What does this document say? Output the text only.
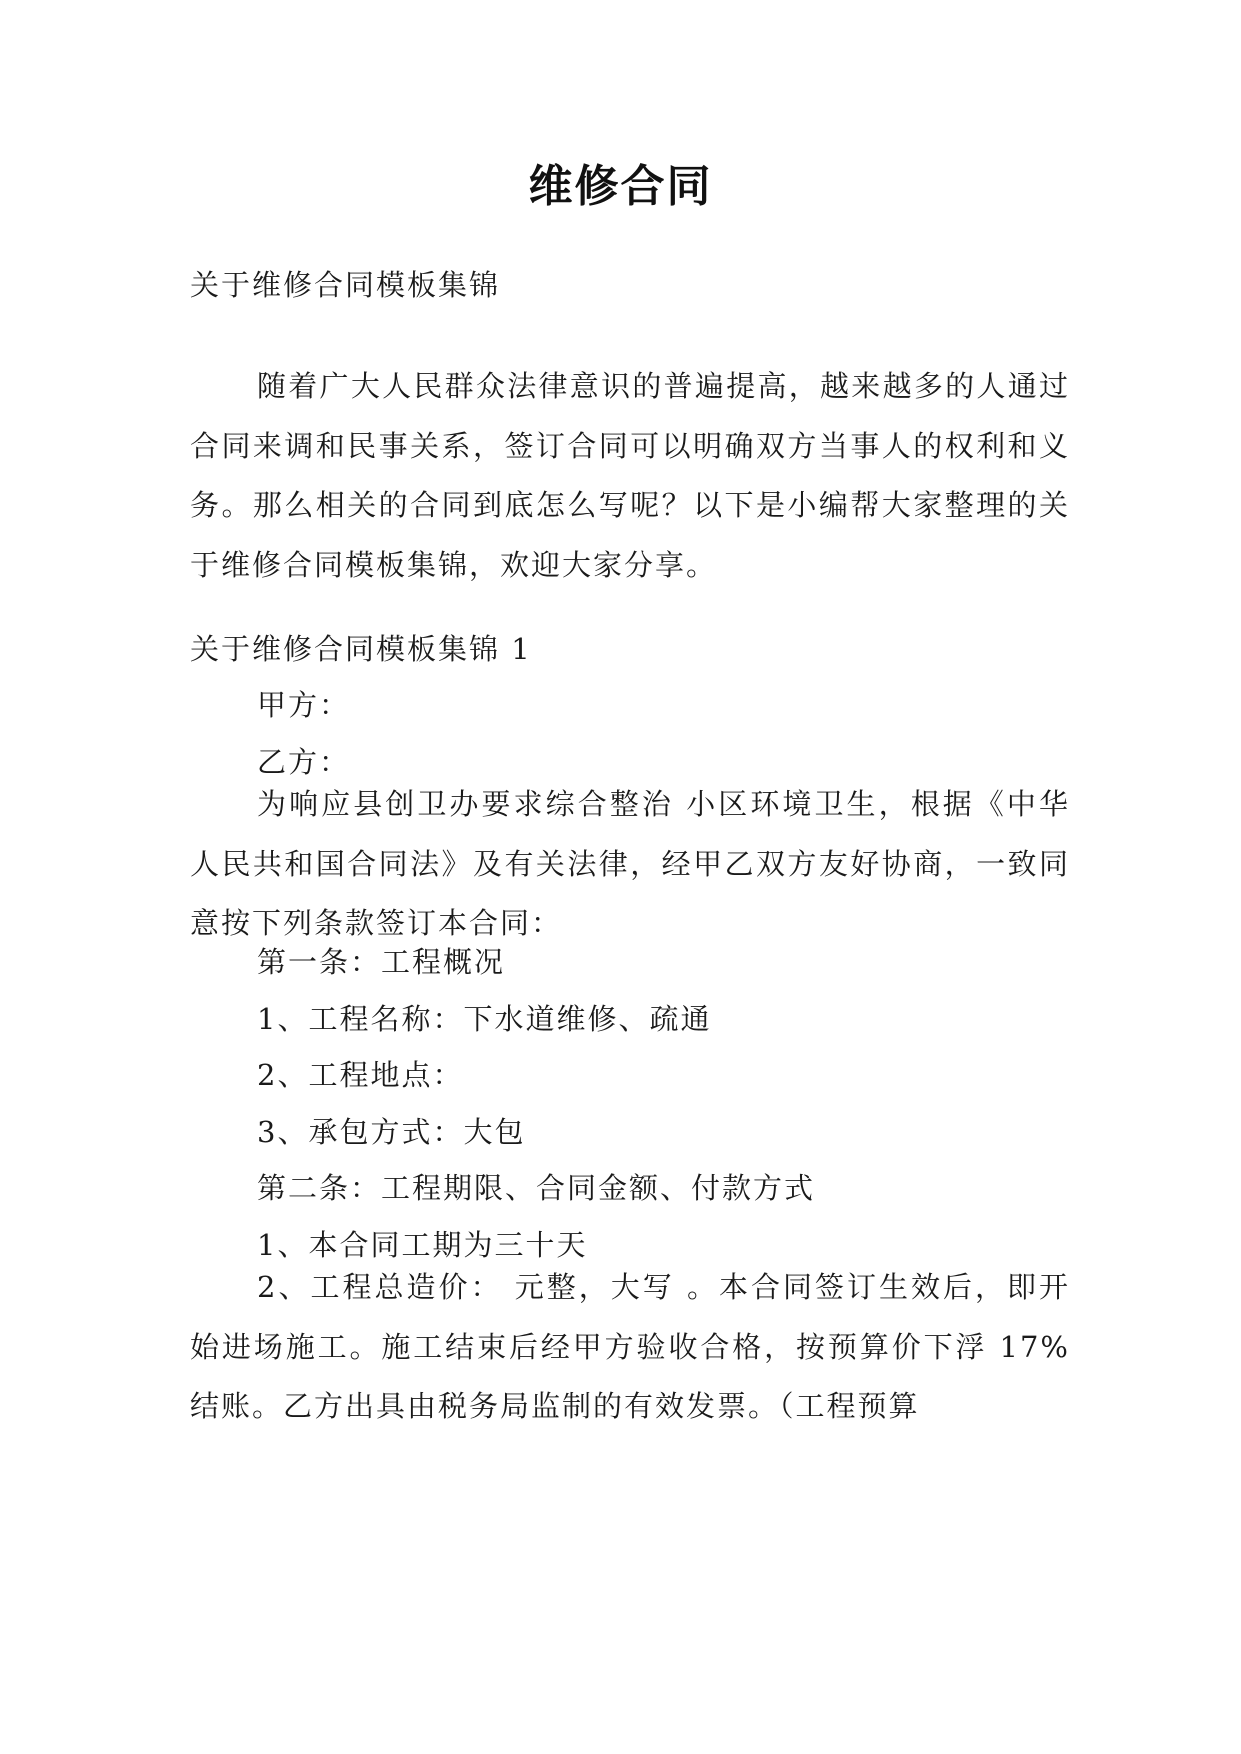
维修合同
关于维修合同模板集锦
随着广大人民群众法律意识的普遍提高，越来越多的人通过合同来调和民事关系，签订合同可以明确双方当事人的权利和义务。那么相关的合同到底怎么写呢？以下是小编帮大家整理的关于维修合同模板集锦，欢迎大家分享。
关于维修合同模板集锦 1
甲方：
乙方：
为响应县创卫办要求综合整治 小区环境卫生，根据《中华人民共和国合同法》及有关法律，经甲乙双方友好协商，一致同意按下列条款签订本合同：
第一条：工程概况
1、工程名称：下水道维修、疏通
2、工程地点：
3、承包方式：大包
第二条：工程期限、合同金额、付款方式
1、本合同工期为三十天
2、工程总造价： 元整，大写 。本合同签订生效后，即开始进场施工。施工结束后经甲方验收合格，按预算价下浮 17%结账。乙方出具由税务局监制的有效发票。（工程预算
